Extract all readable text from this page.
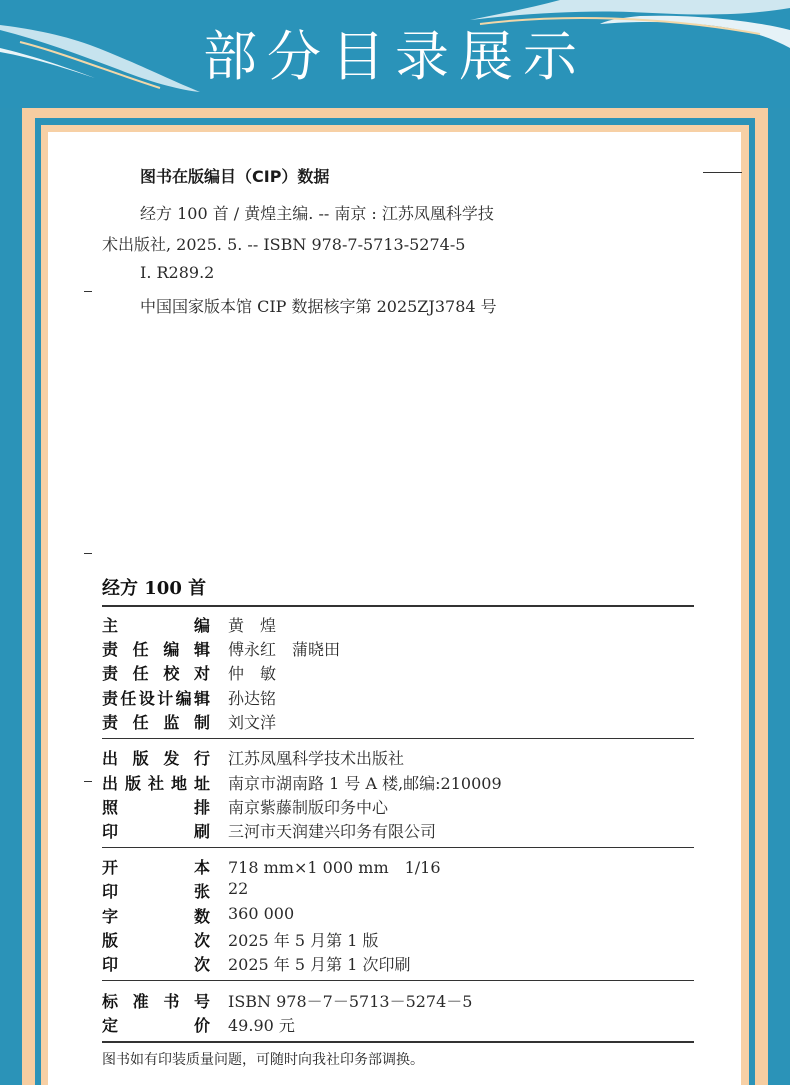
部分目录展示
图书在版编目（CIP）数据
经方 100 首 / 黄煌主编. -- 南京 : 江苏凤凰科学技
术出版社, 2025. 5. -- ISBN 978-7-5713-5274-5
Ⅰ. R289.2
中国国家版本馆 CIP 数据核字第 2025ZJ3784 号
经方 100 首
主	编 黄　煌
责 任 编 辑 傅永红　蒲晓田
责 任 校 对 仲　敏
责 任 设 计 编 辑 孙达铭
责 任 监 制 刘文洋
出 版 发 行 江苏凤凰科学技术出版社
出 版 社 地 址 南京市湖南路 1 号 A 楼,邮编:210009
照	排 南京紫藤制版印务中心
印	刷 三河市天润建兴印务有限公司
开	本 718 mm×1 000 mm　1/16
印	张 22
字	数 360 000
版	次 2025 年 5 月第 1 版
印	次 2025 年 5 月第 1 次印刷
标 准 书 号 ISBN 978－7－5713－5274－5
定	价 49.90 元
图书如有印装质量问题，可随时向我社印务部调换。
